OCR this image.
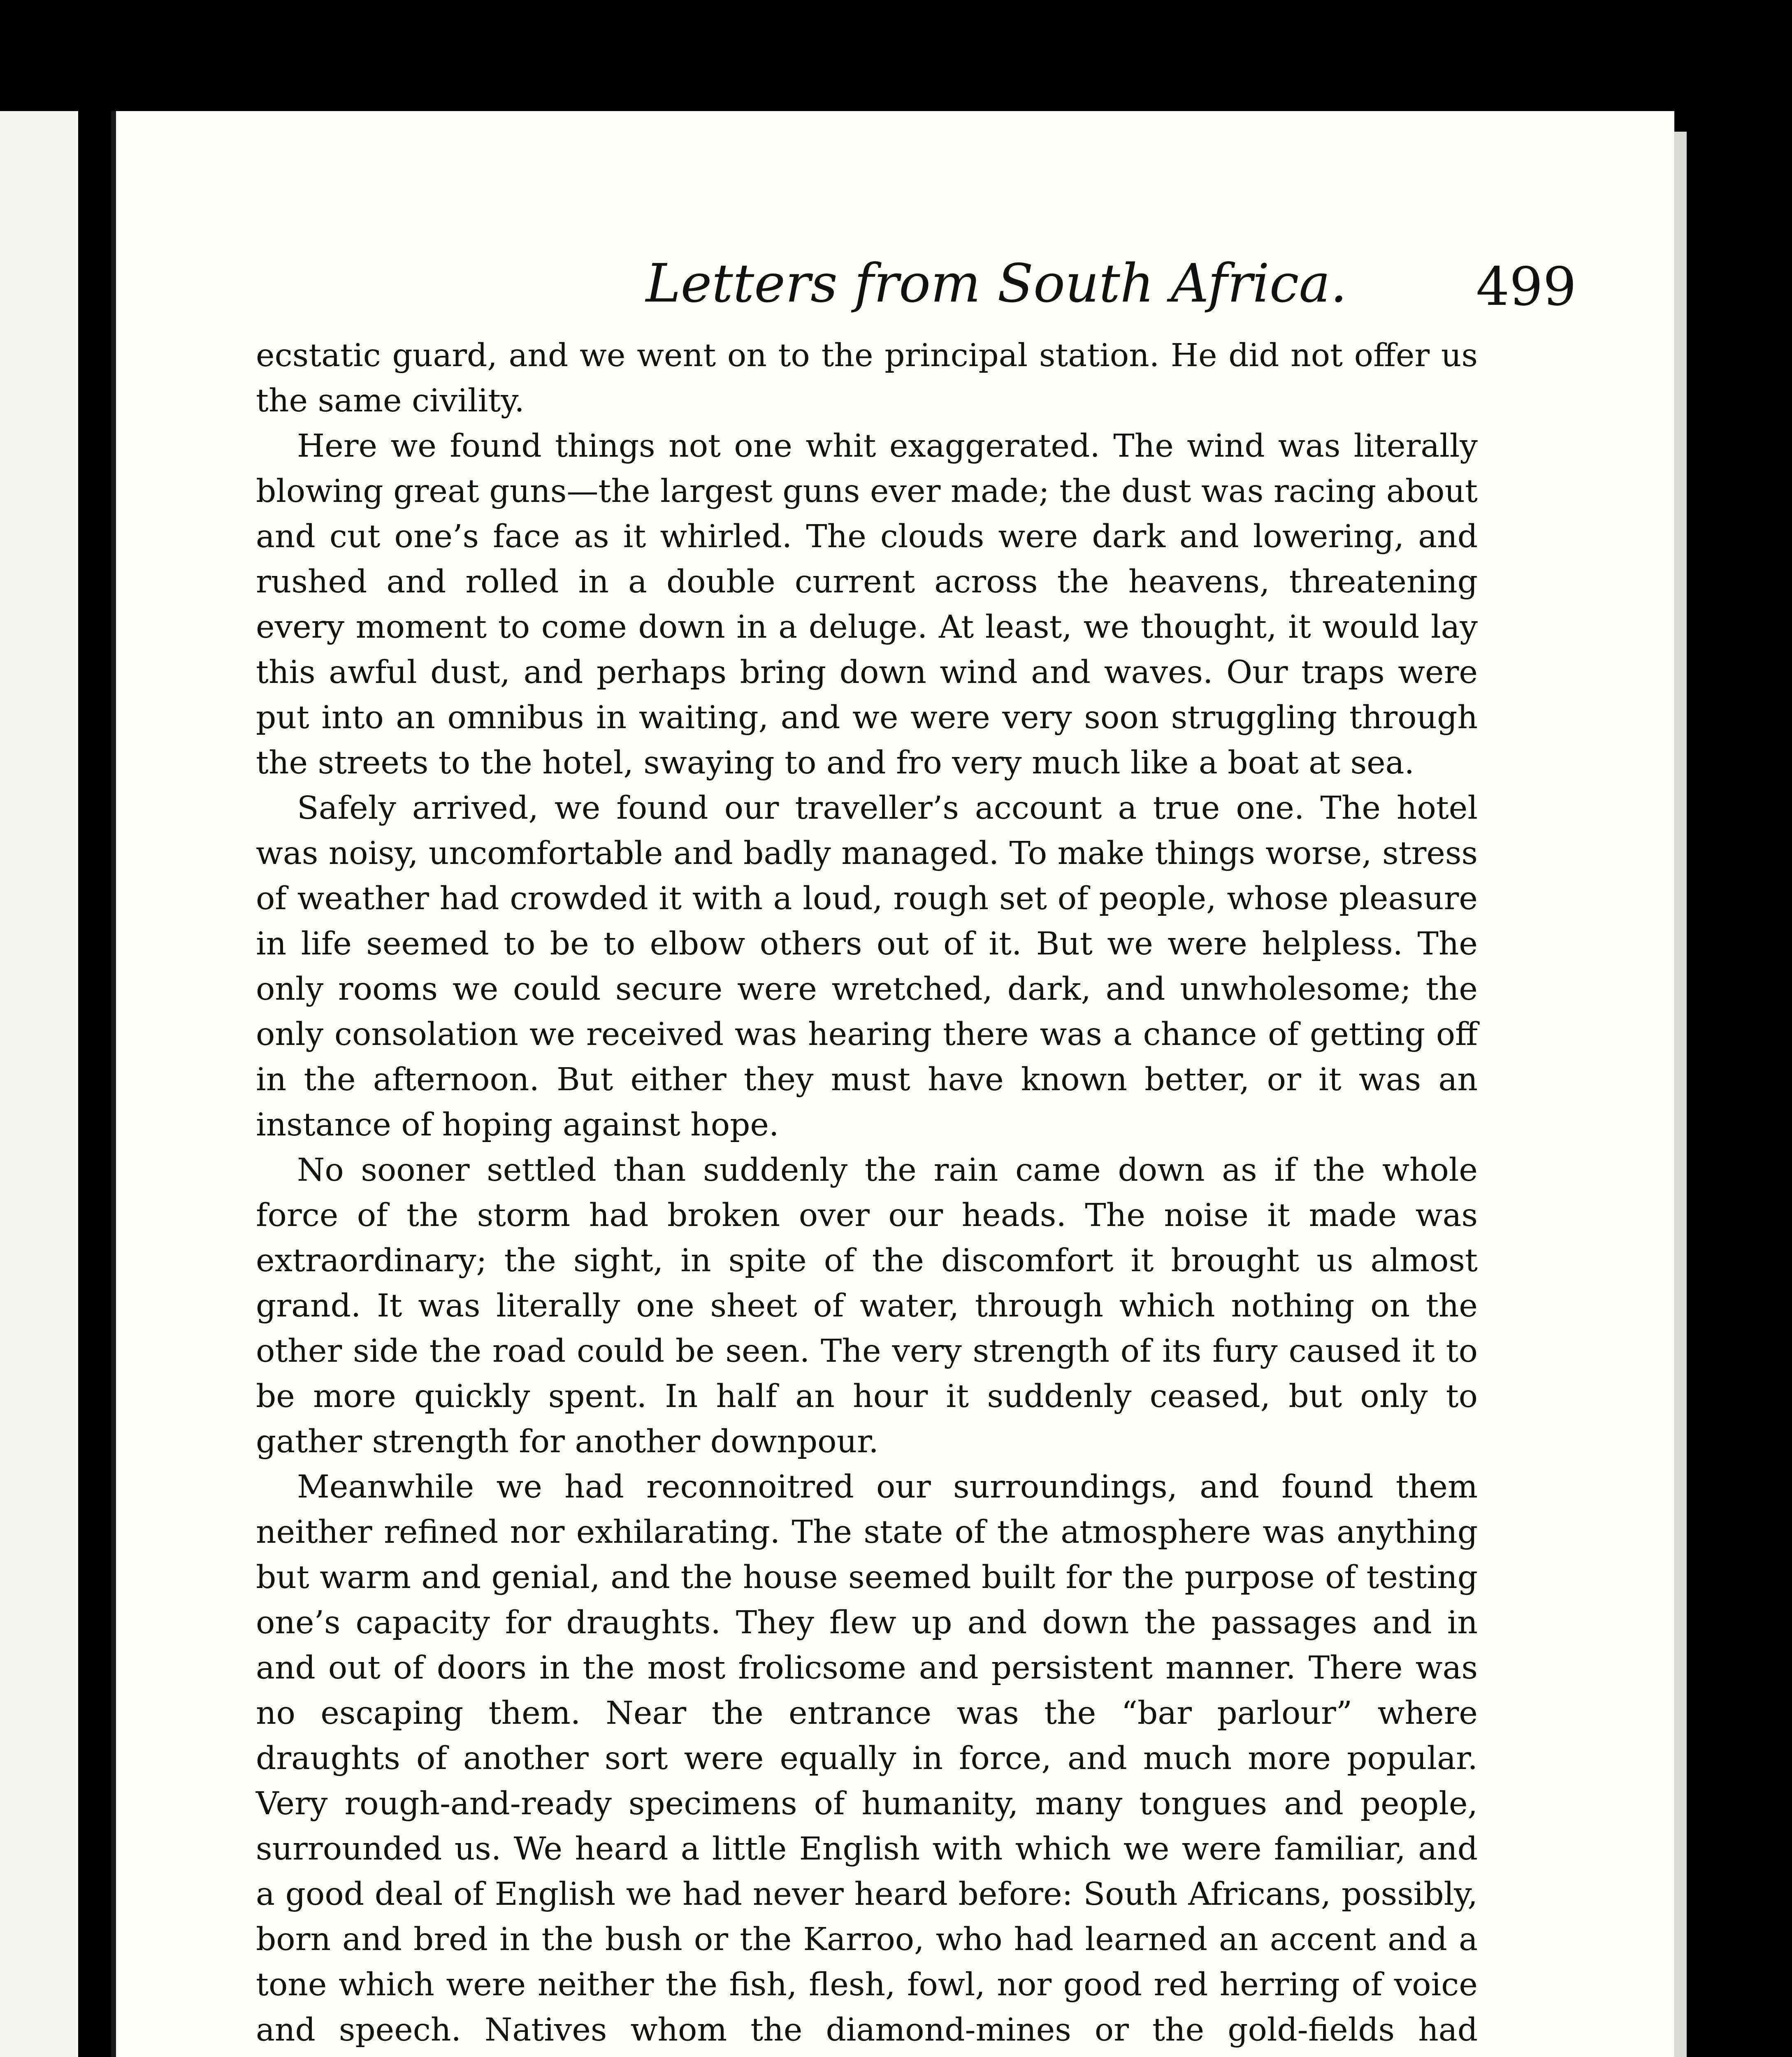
Letters from South Africa.	499

ecstatic guard, and we went on to the principal station. He did not offer us the same civility.

Here we found things not one whit exaggerated. The wind was literally blowing great guns—the largest guns ever made; the dust was racing about and cut one’s face as it whirled. The clouds were dark and lowering, and rushed and rolled in a double current across the heavens, threatening every moment to come down in a deluge. At least, we thought, it would lay this awful dust, and perhaps bring down wind and waves. Our traps were put into an omnibus in waiting, and we were very soon struggling through the streets to the hotel, swaying to and fro very much like a boat at sea.

Safely arrived, we found our traveller’s account a true one. The hotel was noisy, uncomfortable and badly managed. To make things worse, stress of weather had crowded it with a loud, rough set of people, whose pleasure in life seemed to be to elbow others out of it. But we were helpless. The only rooms we could secure were wretched, dark, and unwholesome; the only consolation we received was hearing there was a chance of getting off in the afternoon. But either they must have known better, or it was an instance of hoping against hope.

No sooner settled than suddenly the rain came down as if the whole force of the storm had broken over our heads. The noise it made was extraordinary; the sight, in spite of the discomfort it brought us almost grand. It was literally one sheet of water, through which nothing on the other side the road could be seen. The very strength of its fury caused it to be more quickly spent. In half an hour it suddenly ceased, but only to gather strength for another downpour.

Meanwhile we had reconnoitred our surroundings, and found them neither refined nor exhilarating. The state of the atmosphere was anything but warm and genial, and the house seemed built for the purpose of testing one’s capacity for draughts. They flew up and down the passages and in and out of doors in the most frolicsome and persistent manner. There was no escaping them. Near the entrance was the “bar parlour” where draughts of another sort were equally in force, and much more popular. Very rough-and-ready specimens of humanity, many tongues and people, surrounded us. We heard a little English with which we were familiar, and a good deal of English we had never heard before: South Africans, possibly, born and bred in the bush or the Karroo, who had learned an accent and a tone which were neither the fish, flesh, fowl, nor good red herring of voice and speech. Natives whom the diamond-mines or the gold-fields had
